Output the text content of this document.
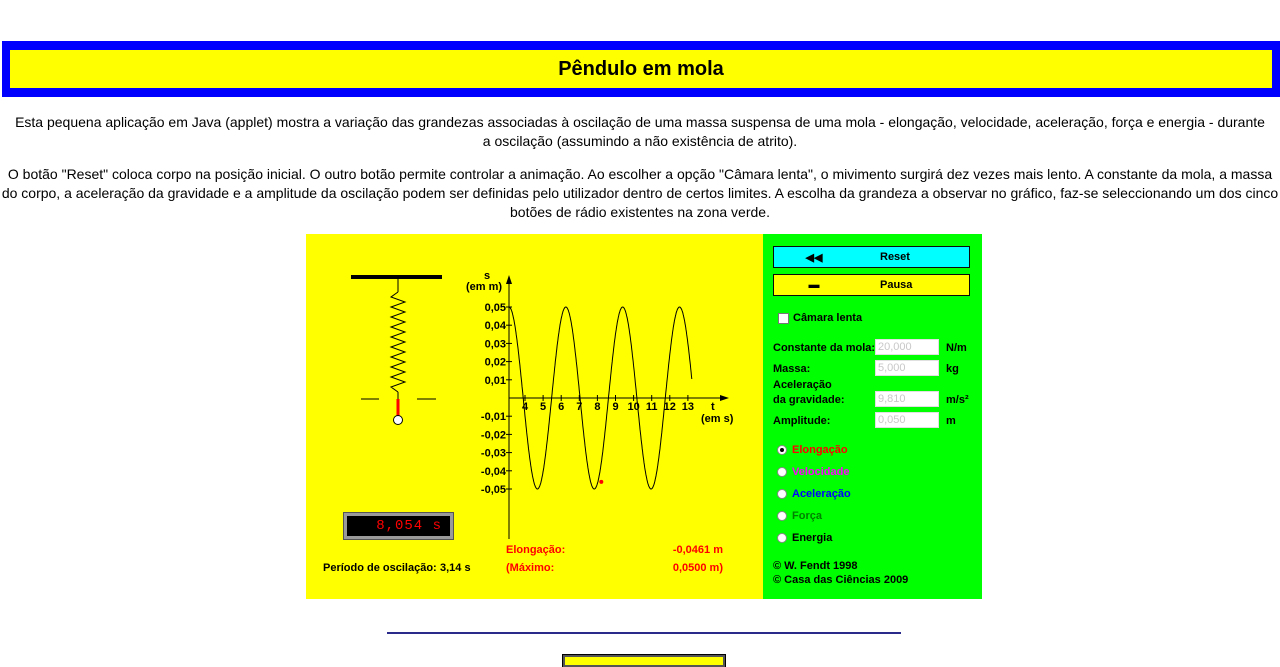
Pêndulo em mola
Esta pequena aplicação em Java (applet) mostra a variação das grandezas associadas à oscilação de uma massa suspensa de uma mola - elongação, velocidade, aceleração, força e energia - durante a oscilação (assumindo a não existência de atrito).
O botão "Reset" coloca corpo na posição inicial. O outro botão permite controlar a animação. Ao escolher a opção "Câmara lenta", o mivimento surgirá dez vezes mais lento. A constante da mola, a massa do corpo, a aceleração da gravidade e a amplitude da oscilação podem ser definidas pelo utilizador dentro de certos limites. A escolha da grandeza a observar no gráfico, faz-se seleccionando um dos cinco botões de rádio existentes na zona verde.
s
(em m)
t
(em s)
0,05
0,04
0,03
0,02
0,01
-0,01
-0,02
-0,03
-0,04
-0,05
4 5 6 7 8 9 10 11 12 13
Período de oscilação: 3,14 s
Elongação:	-0,0461 m
(Máximo:	0,0500 m)
8,054 s
◀◀	Reset
▬	Pausa
Câmara lenta
Constante da mola: 20,000	N/m
Massa:	5,000	kg
Aceleração
da gravidade:	9,810	m/s²
Amplitude:	0,050	m
Elongação
Velocidade
Aceleração
Força
Energia
© W. Fendt 1998
© Casa das Ciências 2009
